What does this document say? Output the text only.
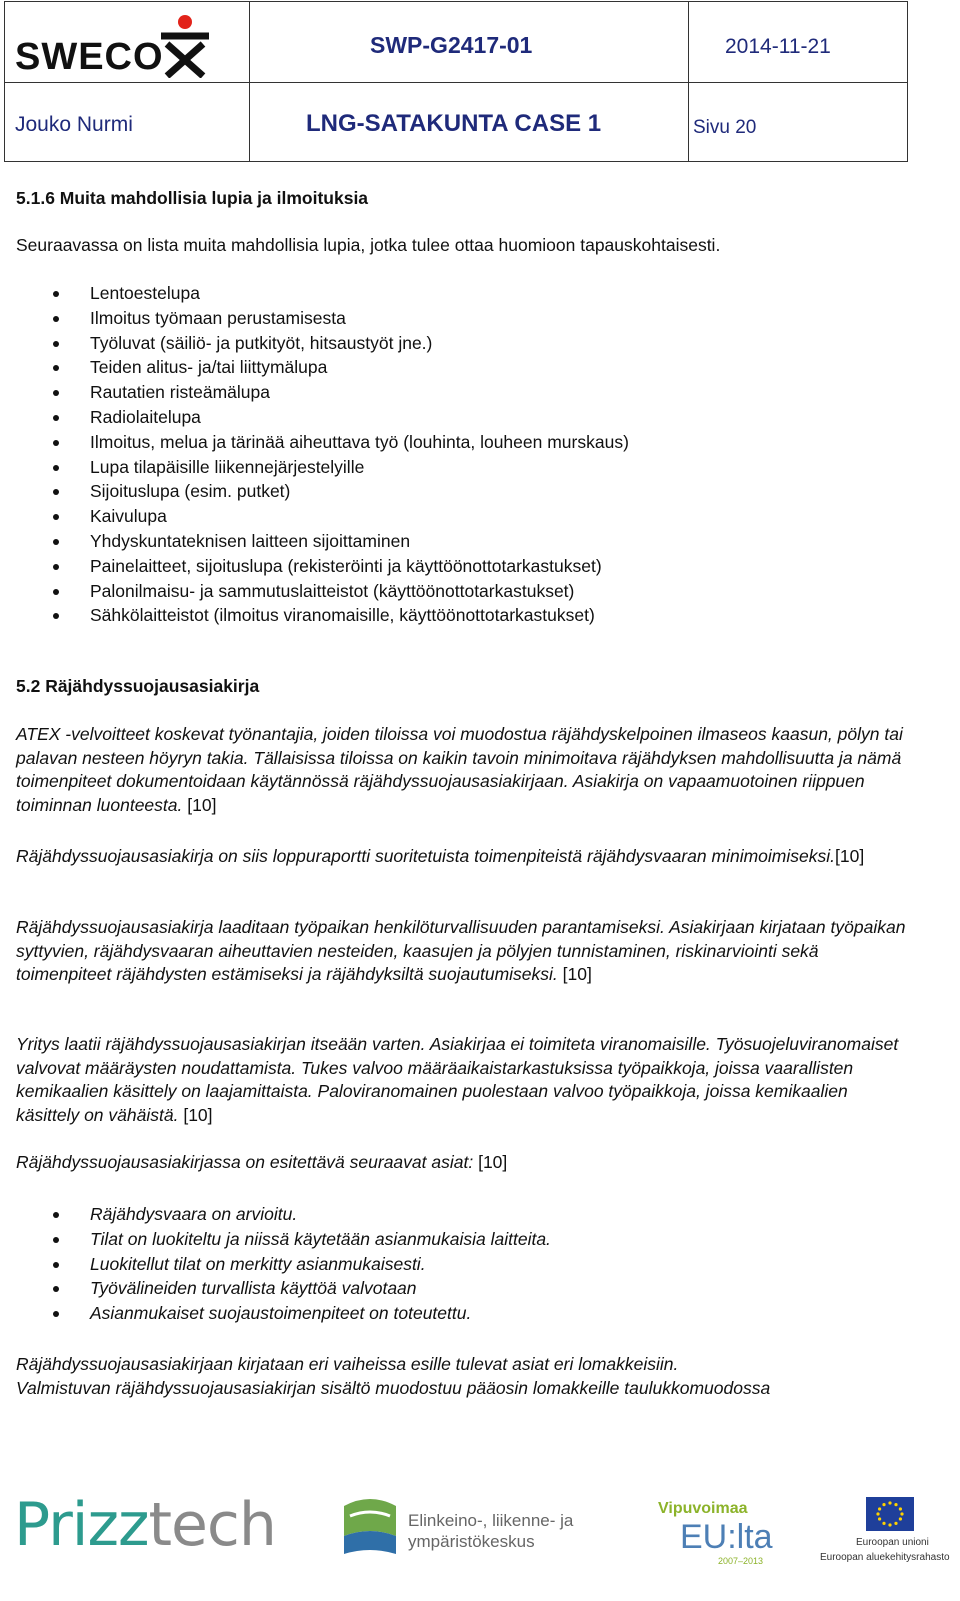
SWECO	SWP-G2417-01	2014-11-21
Jouko Nurmi	LNG-SATAKUNTA CASE 1	Sivu 20

5.1.6 Muita mahdollisia lupia ja ilmoituksia

Seuraavassa on lista muita mahdollisia lupia, jotka tulee ottaa huomioon tapauskohtaisesti.

Lentoestelupa
Ilmoitus työmaan perustamisesta
Työluvat (säiliö- ja putkityöt, hitsaustyöt jne.)
Teiden alitus- ja/tai liittymälupa
Rautatien risteämälupa
Radiolaitelupa
Ilmoitus, melua ja tärinää aiheuttava työ (louhinta, louheen murskaus)
Lupa tilapäisille liikennejärjestelyille
Sijoituslupa (esim. putket)
Kaivulupa
Yhdyskuntateknisen laitteen sijoittaminen
Painelaitteet, sijoituslupa (rekisteröinti ja käyttöönottotarkastukset)
Palonilmaisu- ja sammutuslaitteistot (käyttöönottotarkastukset)
Sähkölaitteistot (ilmoitus viranomaisille, käyttöönottotarkastukset)

5.2 Räjähdyssuojausasiakirja

ATEX -velvoitteet koskevat työnantajia, joiden tiloissa voi muodostua räjähdyskelpoinen ilmaseos kaasun, pölyn tai palavan nesteen höyryn takia. Tällaisissa tiloissa on kaikin tavoin minimoitava räjähdyksen mahdollisuutta ja nämä toimenpiteet dokumentoidaan käytännössä räjähdyssuojausasiakirjaan. Asiakirja on vapaamuotoinen riippuen toiminnan luonteesta. [10]

Räjähdyssuojausasiakirja on siis loppuraportti suoritetuista toimenpiteistä räjähdysvaaran minimoimiseksi.[10]

Räjähdyssuojausasiakirja laaditaan työpaikan henkilöturvallisuuden parantamiseksi. Asiakirjaan kirjataan työpaikan syttyvien, räjähdysvaaran aiheuttavien nesteiden, kaasujen ja pölyjen tunnistaminen, riskinarviointi sekä toimenpiteet räjähdysten estämiseksi ja räjähdyksiltä suojautumiseksi. [10]

Yritys laatii räjähdyssuojausasiakirjan itseään varten. Asiakirjaa ei toimiteta viranomaisille. Työsuojeluviranomaiset valvovat määräysten noudattamista. Tukes valvoo määräaikaistarkastuksissa työpaikkoja, joissa vaarallisten kemikaalien käsittely on laajamittaista. Paloviranomainen puolestaan valvoo työpaikkoja, joissa kemikaalien käsittely on vähäistä. [10]

Räjähdyssuojausasiakirjassa on esitettävä seuraavat asiat: [10]

Räjähdysvaara on arvioitu.
Tilat on luokiteltu ja niissä käytetään asianmukaisia laitteita.
Luokitellut tilat on merkitty asianmukaisesti.
Työvälineiden turvallista käyttöä valvotaan
Asianmukaiset suojaustoimenpiteet on toteutettu.

Räjähdyssuojausasiakirjaan kirjataan eri vaiheissa esille tulevat asiat eri lomakkeisiin.

Valmistuvan räjähdyssuojausasiakirjan sisältö muodostuu pääosin lomakkeille taulukkomuodossa

Prizztech	Elinkeino-, liikenne- ja
ympäristökeskus
Vipuvoimaa
EU:lta
2007–2013
Euroopan unioni
Euroopan aluekehitysrahasto
